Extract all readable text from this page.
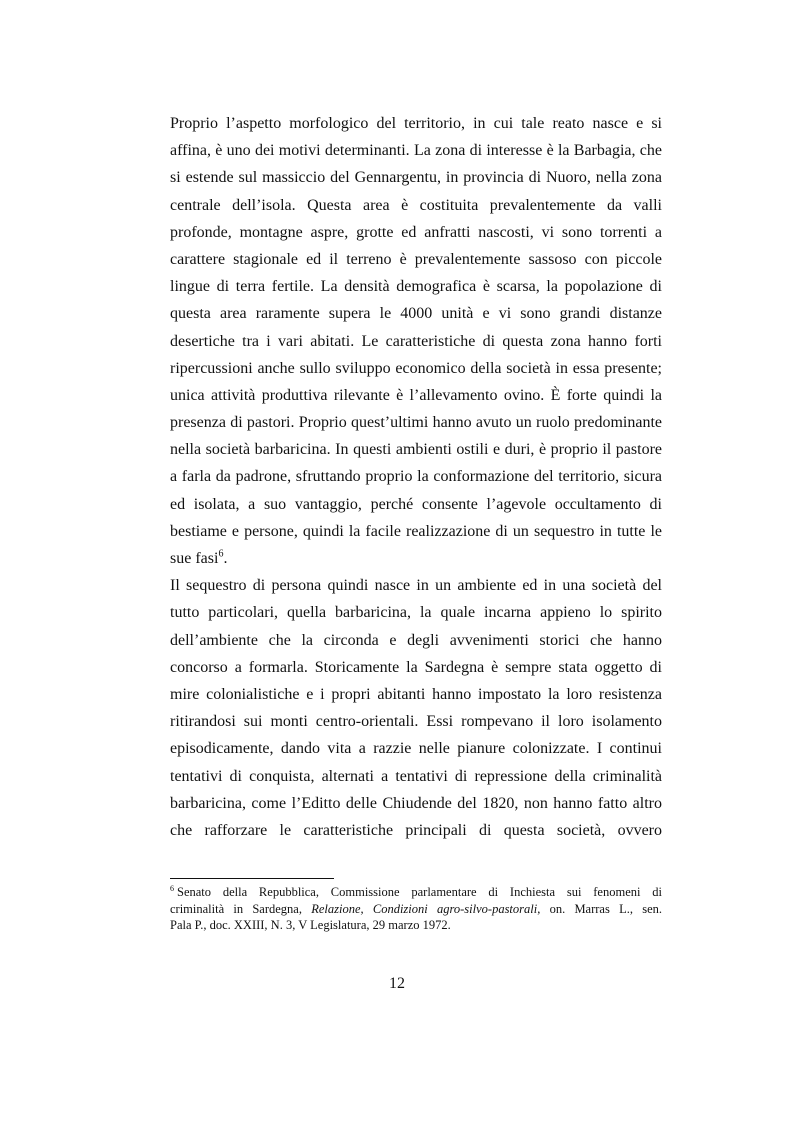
Proprio l’aspetto morfologico del territorio, in cui tale reato nasce e si
affina, è uno dei motivi determinanti. La zona di interesse è la Barbagia, che
si estende sul massiccio del Gennargentu, in provincia di Nuoro, nella zona
centrale dell’isola. Questa area è costituita prevalentemente da valli
profonde, montagne aspre, grotte ed anfratti nascosti, vi sono torrenti a
carattere stagionale ed il terreno è prevalentemente sassoso con piccole
lingue di terra fertile. La densità demografica è scarsa, la popolazione di
questa area raramente supera le 4000 unità e vi sono grandi distanze
desertiche tra i vari abitati. Le caratteristiche di questa zona hanno forti
ripercussioni anche sullo sviluppo economico della società in essa presente;
unica attività produttiva rilevante è l’allevamento ovino. È forte quindi la
presenza di pastori. Proprio quest’ultimi hanno avuto un ruolo predominante
nella società barbaricina. In questi ambienti ostili e duri, è proprio il pastore
a farla da padrone, sfruttando proprio la conformazione del territorio, sicura
ed isolata, a suo vantaggio, perché consente l’agevole occultamento di
bestiame e persone, quindi la facile realizzazione di un sequestro in tutte le
sue fasi$^6$.
Il sequestro di persona quindi nasce in un ambiente ed in una società del
tutto particolari, quella barbaricina, la quale incarna appieno lo spirito
dell’ambiente che la circonda e degli avvenimenti storici che hanno
concorso a formarla. Storicamente la Sardegna è sempre stata oggetto di
mire colonialistiche e i propri abitanti hanno impostato la loro resistenza
ritirandosi sui monti centro-orientali. Essi rompevano il loro isolamento
episodicamente, dando vita a razzie nelle pianure colonizzate. I continui
tentativi di conquista, alternati a tentativi di repressione della criminalità
barbaricina, come l’Editto delle Chiudende del 1820, non hanno fatto altro
che rafforzare le caratteristiche principali di questa società, ovvero
$^6$ Senato della Repubblica, Commissione parlamentare di Inchiesta sui fenomeni di
criminalità in Sardegna, Relazione, Condizioni agro-silvo-pastorali, on. Marras L., sen.
Pala P., doc. XXIII, N. 3, V Legislatura, 29 marzo 1972.
12
